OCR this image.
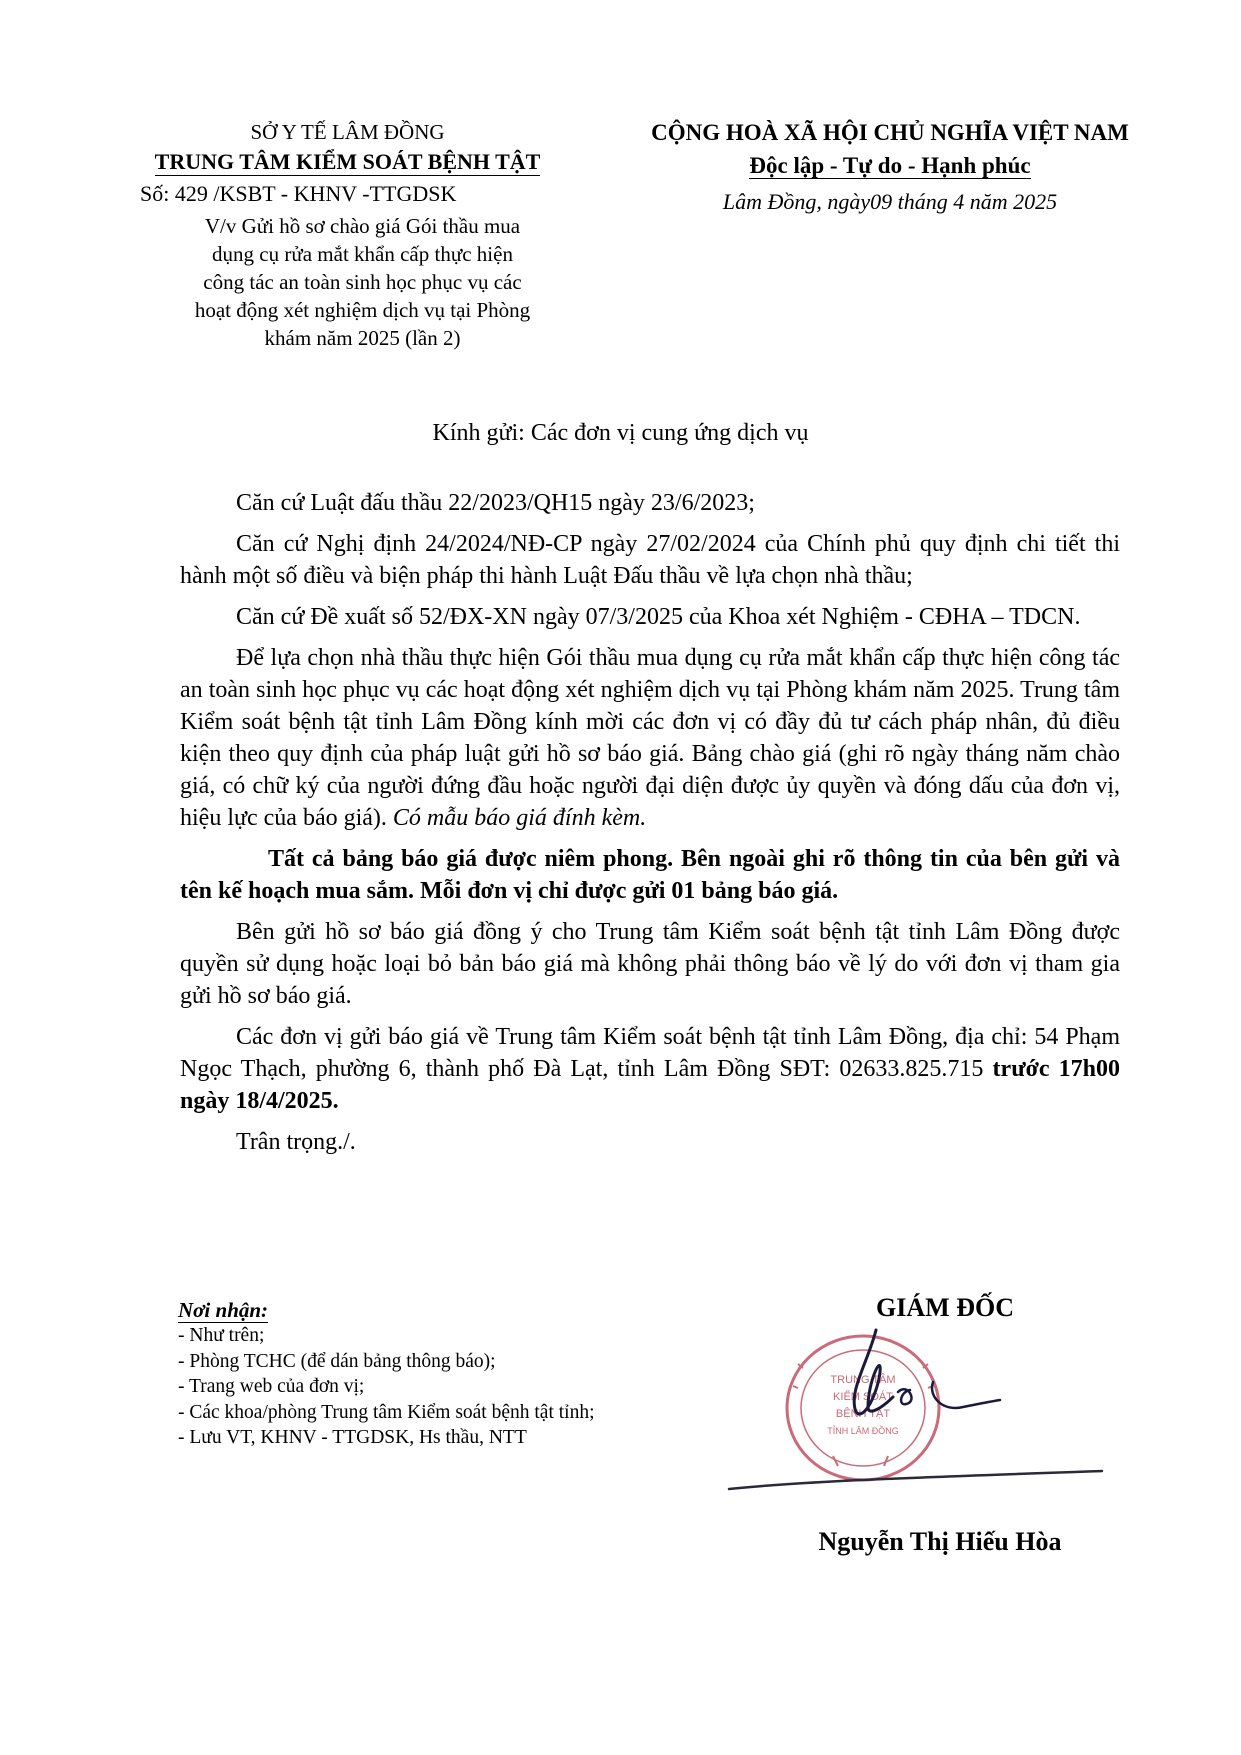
SỞ Y TẾ LÂM ĐỒNG
TRUNG TÂM KIỂM SOÁT BỆNH TẬT
Số: 429 /KSBT - KHNV -TTGDSK
V/v Gửi hồ sơ chào giá Gói thầu mua
dụng cụ rửa mắt khẩn cấp thực hiện
công tác an toàn sinh học phục vụ các
hoạt động xét nghiệm dịch vụ tại Phòng
khám năm 2025 (lần 2)
CỘNG HOÀ XÃ HỘI CHỦ NGHĨA VIỆT NAM
Độc lập - Tự do - Hạnh phúc
Lâm Đồng, ngày09 tháng 4 năm 2025
Kính gửi: Các đơn vị cung ứng dịch vụ

Căn cứ Luật đấu thầu 22/2023/QH15 ngày 23/6/2023;

Căn cứ Nghị định 24/2024/NĐ-CP ngày 27/02/2024 của Chính phủ quy định chi tiết thi hành một số điều và biện pháp thi hành Luật Đấu thầu về lựa chọn nhà thầu;

Căn cứ Đề xuất số 52/ĐX-XN ngày 07/3/2025 của Khoa xét Nghiệm - CĐHA – TDCN.

Để lựa chọn nhà thầu thực hiện Gói thầu mua dụng cụ rửa mắt khẩn cấp thực hiện công tác an toàn sinh học phục vụ các hoạt động xét nghiệm dịch vụ tại Phòng khám năm 2025. Trung tâm Kiểm soát bệnh tật tỉnh Lâm Đồng kính mời các đơn vị có đầy đủ tư cách pháp nhân, đủ điều kiện theo quy định của pháp luật gửi hồ sơ báo giá. Bảng chào giá (ghi rõ ngày tháng năm chào giá, có chữ ký của người đứng đầu hoặc người đại diện được ủy quyền và đóng dấu của đơn vị, hiệu lực của báo giá). Có mẫu báo giá đính kèm.

Tất cả bảng báo giá được niêm phong. Bên ngoài ghi rõ thông tin của bên gửi và tên kế hoạch mua sắm. Mỗi đơn vị chỉ được gửi 01 bảng báo giá.

Bên gửi hồ sơ báo giá đồng ý cho Trung tâm Kiểm soát bệnh tật tỉnh Lâm Đồng được quyền sử dụng hoặc loại bỏ bản báo giá mà không phải thông báo về lý do với đơn vị tham gia gửi hồ sơ báo giá.

Các đơn vị gửi báo giá về Trung tâm Kiểm soát bệnh tật tỉnh Lâm Đồng, địa chỉ: 54 Phạm Ngọc Thạch, phường 6, thành phố Đà Lạt, tỉnh Lâm Đồng SĐT: 02633.825.715 trước 17h00 ngày 18/4/2025.

Trân trọng./.

Nơi nhận:
- Như trên;
- Phòng TCHC (để dán bảng thông báo);
- Trang web của đơn vị;
- Các khoa/phòng Trung tâm Kiểm soát bệnh tật tỉnh;
- Lưu VT, KHNV - TTGDSK, Hs thầu, NTT
GIÁM ĐỐC
TRUNG TÂM
KIỂM SOÁT
BỆNH TẬT
TỈNH LÂM ĐỒNG
Nguyễn Thị Hiếu Hòa
